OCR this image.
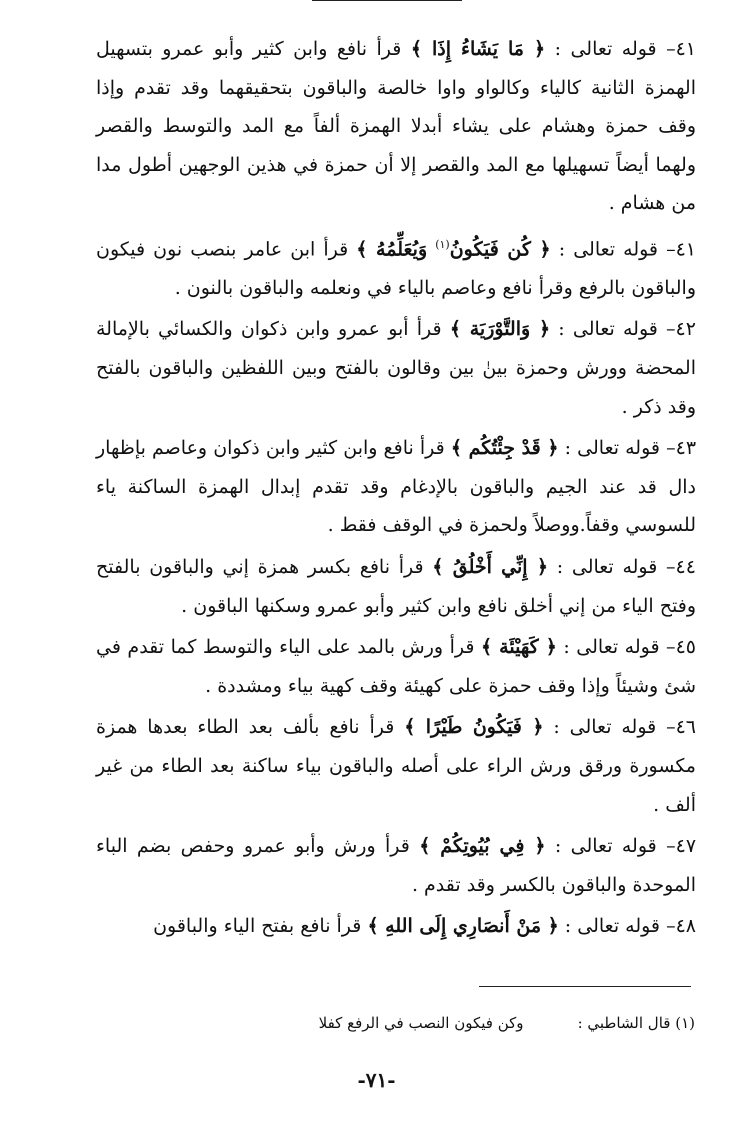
٤١– قوله تعالى : ﴿ مَا يَشَاءُ إِذَا ﴾ قرأ نافع وابن كثير وأبو عمرو بتسهيل الهمزة الثانية كالياء وكالواو واوا خالصة والباقون بتحقيقهما وقد تقدم وإذا وقف حمزة وهشام على يشاء أبدلا الهمزة ألفاً مع المد والتوسط والقصر ولهما أيضاً تسهيلها مع المد والقصر إلا أن حمزة في هذين الوجهين أطول مدا من هشام .

٤١– قوله تعالى : ﴿ كُن فَيَكُونُ$^{(١)}$ وَيُعَلِّمُهُ ﴾ قرأ ابن عامر بنصب نون فيكون والباقون بالرفع وقرأ نافع وعاصم بالياء في ونعلمه والباقون بالنون .

٤٢– قوله تعالى : ﴿ وَالتَّوْرَيَة ﴾ قرأ أبو عمرو وابن ذكوان والكسائي بالإمالة المحضة وورش وحمزة بينٰ بين وقالون بالفتح وبين اللفظين والباقون بالفتح وقد ذكر .

٤٣– قوله تعالى : ﴿ قَدْ جِئْتُكُم ﴾ قرأ نافع وابن كثير وابن ذكوان وعاصم بإظهار دال قد عند الجيم والباقون بالإدغام وقد تقدم إبدال الهمزة الساكنة ياء للسوسي وقفاً.ووصلاً ولحمزة في الوقف فقط .

٤٤– قوله تعالى : ﴿ إِنِّي أَخْلُقُ ﴾ قرأ نافع بكسر همزة إني والباقون بالفتح وفتح الياء من إني أخلق نافع وابن كثير وأبو عمرو وسكنها الباقون .

٤٥– قوله تعالى : ﴿ كَهَيْئَة ﴾ قرأ ورش بالمد على الياء والتوسط كما تقدم في شئ وشيئاً وإذا وقف حمزة على كهيئة وقف كهية بياء ومشددة .

٤٦– قوله تعالى : ﴿ فَيَكُونُ طَيْرًا ﴾ قرأ نافع بألف بعد الطاء بعدها همزة مكسورة ورقق ورش الراء على أصله والباقون بياء ساكنة بعد الطاء من غير ألف .

٤٧– قوله تعالى : ﴿ فِي بُيُوتِكُمْ ﴾ قرأ ورش وأبو عمرو وحفص بضم الباء الموحدة والباقون بالكسر وقد تقدم .

٤٨– قوله تعالى : ﴿ مَنْ أَنصَارِي إِلَى اللهِ ﴾ قرأ نافع بفتح الياء والباقون

(١) قال الشاطبي :
وكن فيكون النصب في الرفع كفلا
-٧١-
